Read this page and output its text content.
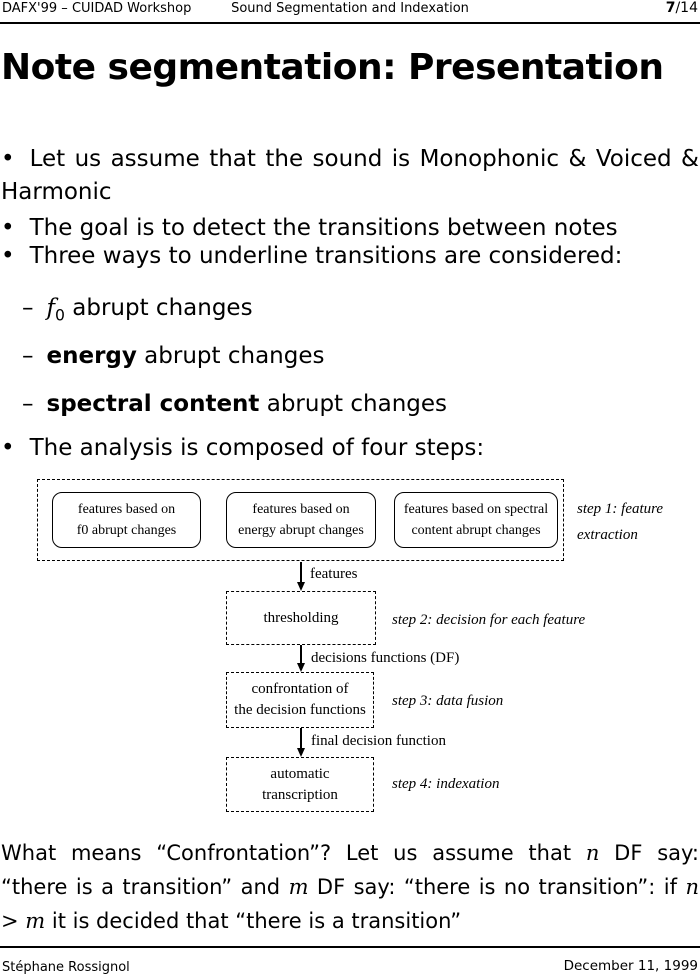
DAFX'99 – CUIDAD Workshop	Sound Segmentation and Indexation	7/14
Note segmentation: Presentation

• Let us assume that the sound is Monophonic & Voiced & Harmonic

• The goal is to detect the transitions between notes

• Three ways to underline transitions are considered:

– $f_0$ abrupt changes

– energy abrupt changes

– spectral content abrupt changes

• The analysis is composed of four steps:

features based on
f0 abrupt changes
features based on
energy abrupt changes
features based on spectral
content abrupt changes
step 1: feature
extraction
features
thresholding	step 2: decision for each feature
decisions functions (DF)
confrontation of
the decision functions
step 3: data fusion
final decision function
automatic
transcription
step 4: indexation

What means “Confrontation”? Let us assume that n DF say: “there is a transition” and m DF say: “there is no transition”: if n > m it is decided that “there is a transition”

Stéphane Rossignol	December 11, 1999
